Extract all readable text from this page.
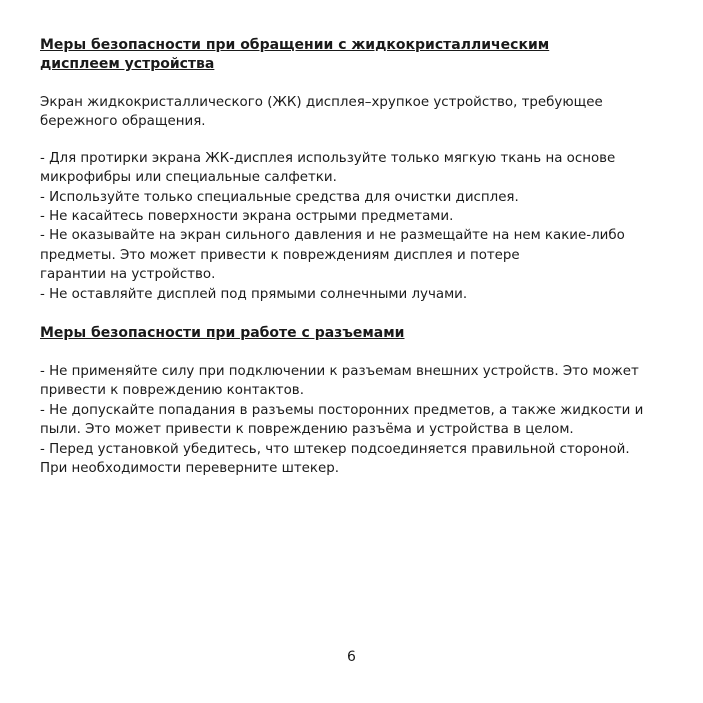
Меры безопасности при обращении с жидкокристаллическим
дисплеем устройства

Экран жидкокристаллического (ЖК) дисплея–хрупкое устройство, требующее
бережного обращения.

- Для протирки экрана ЖК-дисплея используйте только мягкую ткань на основе
микрофибры или специальные салфетки.
- Используйте только специальные средства для очистки дисплея.
- Не касайтесь поверхности экрана острыми предметами.
- Не оказывайте на экран сильного давления и не размещайте на нем какие-либо
предметы. Это может привести к повреждениям дисплея и потере
гарантии на устройство.
- Не оставляйте дисплей под прямыми солнечными лучами.

Меры безопасности при работе с разъемами

- Не применяйте силу при подключении к разъемам внешних устройств. Это может
привести к повреждению контактов.
- Не допускайте попадания в разъемы посторонних предметов, а также жидкости и
пыли. Это может привести к повреждению разъёма и устройства в целом.
- Перед установкой убедитесь, что штекер подсоединяется правильной стороной.
При необходимости переверните штекер.

6
